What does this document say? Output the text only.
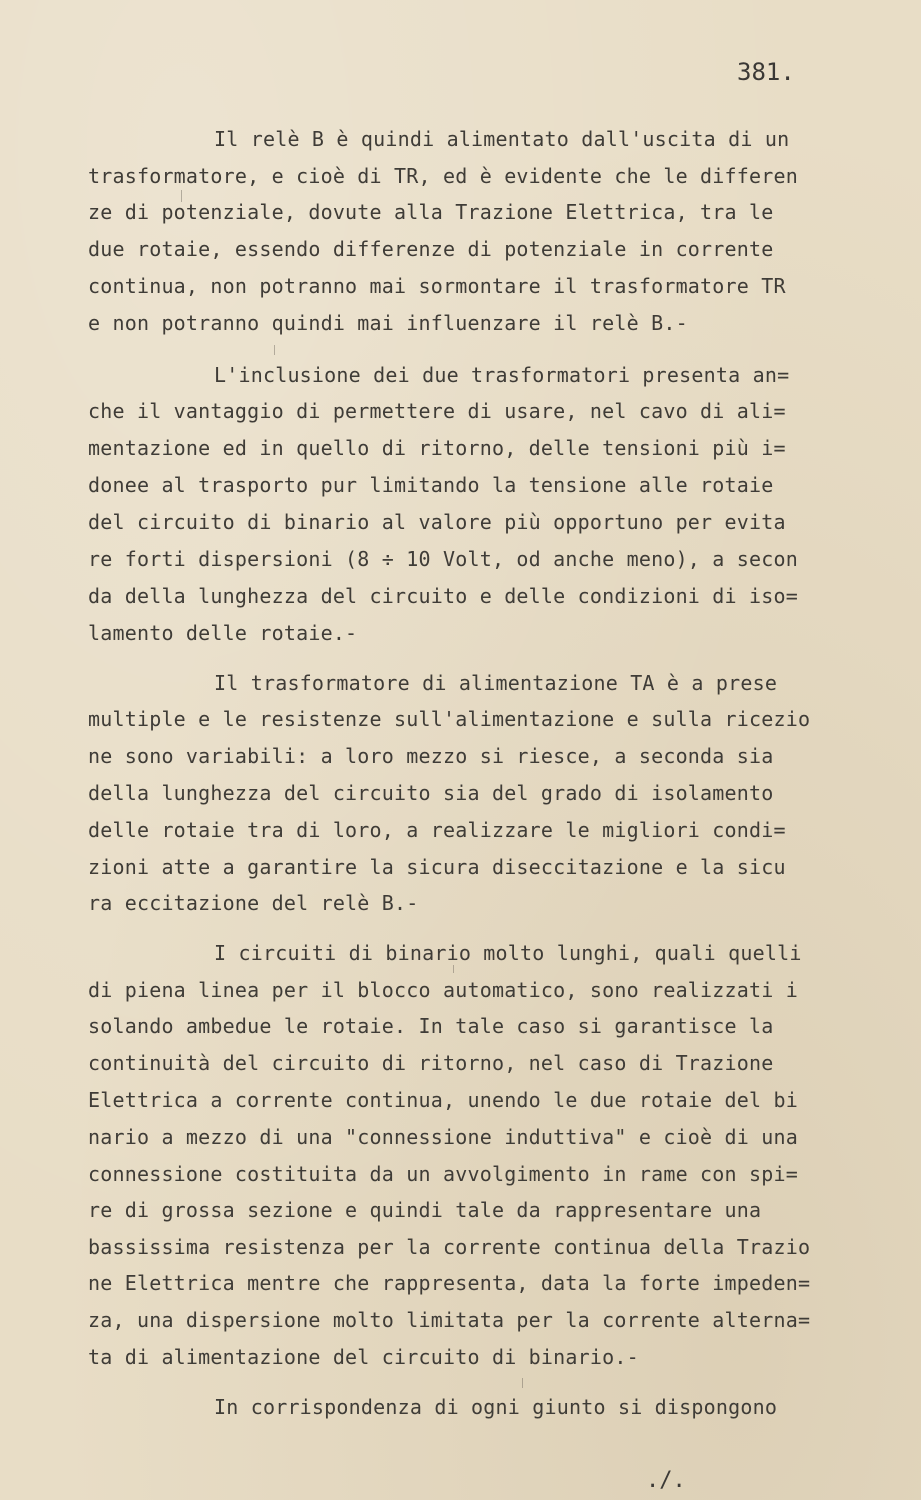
381.
Il relè B è quindi alimentato dall'uscita di un
trasformatore, e cioè di TR, ed è evidente che le differen
ze di potenziale, dovute alla Trazione Elettrica, tra le
due rotaie, essendo differenze di potenziale in corrente
continua, non potranno mai sormontare il trasformatore TR
e non potranno quindi mai influenzare il relè B.-
L'inclusione dei due trasformatori presenta an=
che il vantaggio di permettere di usare, nel cavo di ali=
mentazione ed in quello di ritorno, delle tensioni più i=
donee al trasporto pur limitando la tensione alle rotaie
del circuito di binario al valore più opportuno per evita
re forti dispersioni (8 ÷ 10 Volt, od anche meno), a secon
da della lunghezza del circuito e delle condizioni di iso=
lamento delle rotaie.-
Il trasformatore di alimentazione TA è a prese
multiple e le resistenze sull'alimentazione e sulla ricezio
ne sono variabili: a loro mezzo si riesce, a seconda sia
della lunghezza del circuito sia del grado di isolamento
delle rotaie tra di loro, a realizzare le migliori condi=
zioni atte a garantire la sicura diseccitazione e la sicu
ra eccitazione del relè B.-
I circuiti di binario molto lunghi, quali quelli
di piena linea per il blocco automatico, sono realizzati i
solando ambedue le rotaie. In tale caso si garantisce la
continuità del circuito di ritorno, nel caso di Trazione
Elettrica a corrente continua, unendo le due rotaie del bi
nario a mezzo di una "connessione induttiva" e cioè di una
connessione costituita da un avvolgimento in rame con spi=
re di grossa sezione e quindi tale da rappresentare una
bassissima resistenza per la corrente continua della Trazio
ne Elettrica mentre che rappresenta, data la forte impeden=
za, una dispersione molto limitata per la corrente alterna=
ta di alimentazione del circuito di binario.-
In corrispondenza di ogni giunto si dispongono
./.
